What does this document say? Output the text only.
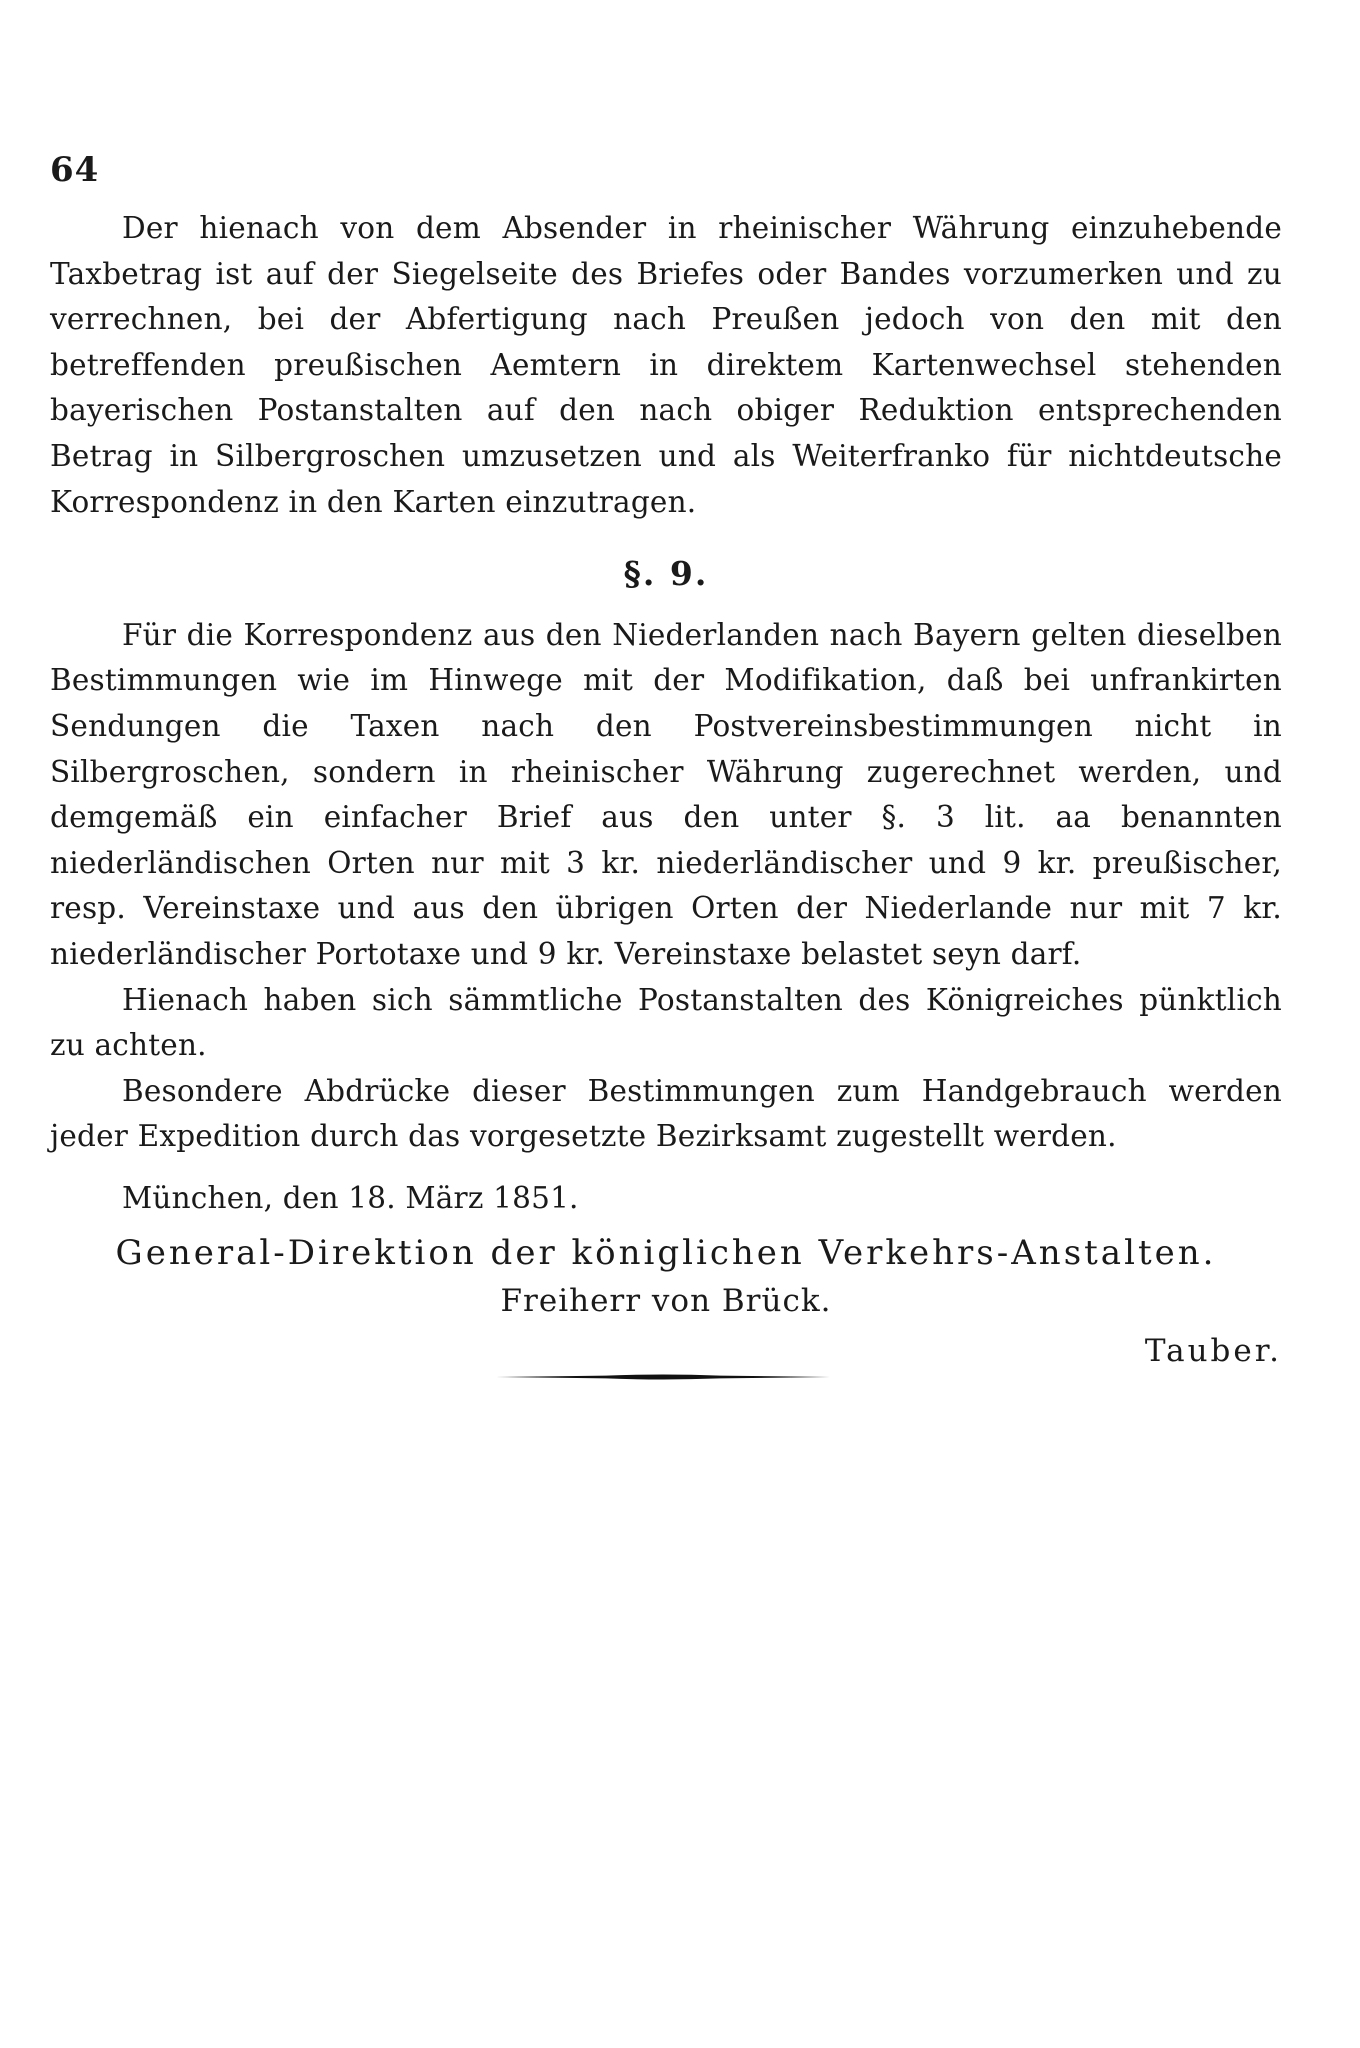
64

Der hienach von dem Absender in rheinischer Währung einzuhebende Taxbetrag ist auf der Siegelseite des Briefes oder Bandes vorzumerken und zu verrechnen, bei der Abfertigung nach Preußen jedoch von den mit den betreffenden preußischen Aemtern in direktem Kartenwechsel stehenden bayerischen Postanstalten auf den nach obiger Reduktion entsprechenden Betrag in Silbergroschen umzusetzen und als Weiterfranko für nichtdeutsche Korrespondenz in den Karten einzutragen.

§. 9.

Für die Korrespondenz aus den Niederlanden nach Bayern gelten dieselben Bestimmungen wie im Hinwege mit der Modifikation, daß bei unfrankirten Sendungen die Taxen nach den Postvereinsbestimmungen nicht in Silbergroschen, sondern in rheinischer Währung zugerechnet werden, und demgemäß ein einfacher Brief aus den unter §. 3 lit. aa benannten niederländischen Orten nur mit 3 kr. niederländischer und 9 kr. preußischer, resp. Vereinstaxe und aus den übrigen Orten der Niederlande nur mit 7 kr. niederländischer Portotaxe und 9 kr. Vereinstaxe belastet seyn darf.

Hienach haben sich sämmtliche Postanstalten des Königreiches pünktlich zu achten.

Besondere Abdrücke dieser Bestimmungen zum Handgebrauch werden jeder Expedition durch das vorgesetzte Bezirksamt zugestellt werden.

München, den 18. März 1851.

General-Direktion der königlichen Verkehrs-Anstalten.
Freiherr von Brück.
Tauber.
